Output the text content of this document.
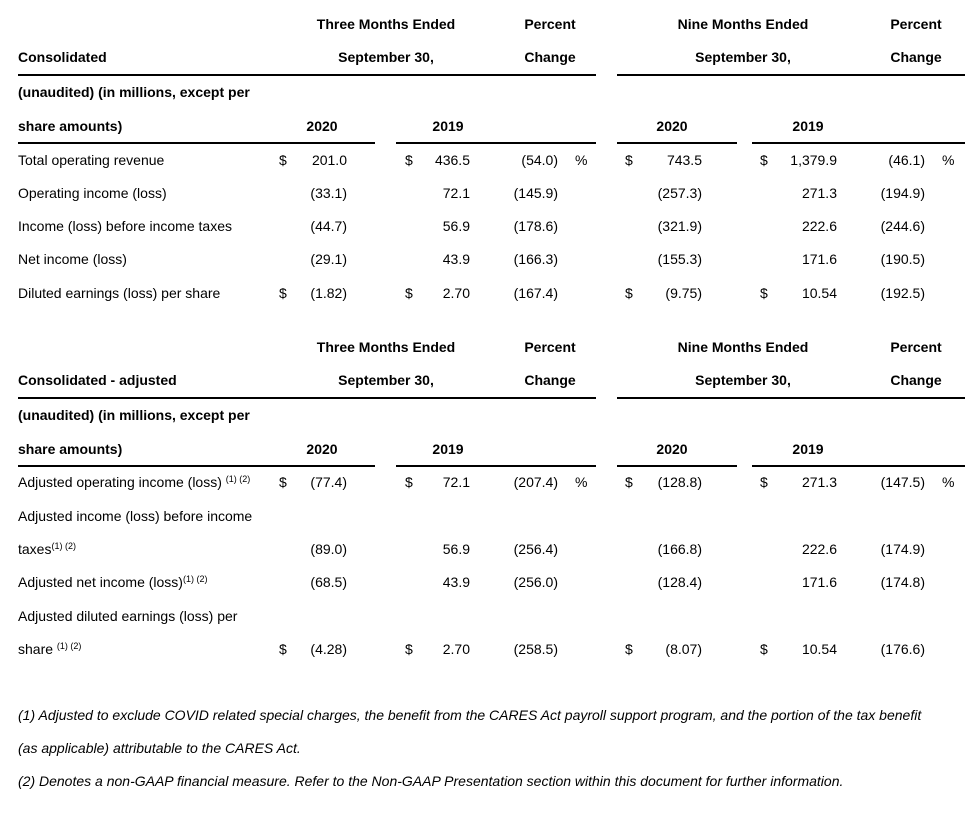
Three Months Ended	Percent	Nine Months Ended	Percent
Consolidated	September 30,	Change	September 30,	Change
(unaudited) (in millions, except per
share amounts)	2020	2019	2020	2019
Total operating revenue	$ 201.0	$ 436.5	(54.0) %	$ 743.5	$ 1,379.9	(46.1) %
Operating income (loss)	(33.1)	72.1	(145.9)	(257.3)	271.3	(194.9)
Income (loss) before income taxes	(44.7)	56.9	(178.6)	(321.9)	222.6	(244.6)
Net income (loss)	(29.1)	43.9	(166.3)	(155.3)	171.6	(190.5)
Diluted earnings (loss) per share	$ (1.82)	$ 2.70	(167.4)	$ (9.75)	$ 10.54	(192.5)
Three Months Ended	Percent	Nine Months Ended	Percent
Consolidated - adjusted	September 30,	Change	September 30,	Change
(unaudited) (in millions, except per
share amounts)	2020	2019	2020	2019
Adjusted operating income (loss) $^{(1) (2)}$ $ (77.4)	$ 72.1	(207.4) %	$ (128.8)	$ 271.3	(147.5) %
Adjusted income (loss) before income
taxes$^{(1) (2)}$	(89.0)	56.9	(256.4)	(166.8)	222.6	(174.9)
Adjusted net income (loss)$^{(1) (2)}$	(68.5)	43.9	(256.0)	(128.4)	171.6	(174.8)
Adjusted diluted earnings (loss) per
share $^{(1) (2)}$	$ (4.28)	$ 2.70	(258.5)	$ (8.07)	$ 10.54	(176.6)
(1) Adjusted to exclude COVID related special charges, the benefit from the CARES Act payroll support program, and the portion of the tax benefit
(as applicable) attributable to the CARES Act.
(2) Denotes a non-GAAP financial measure. Refer to the Non-GAAP Presentation section within this document for further information.
